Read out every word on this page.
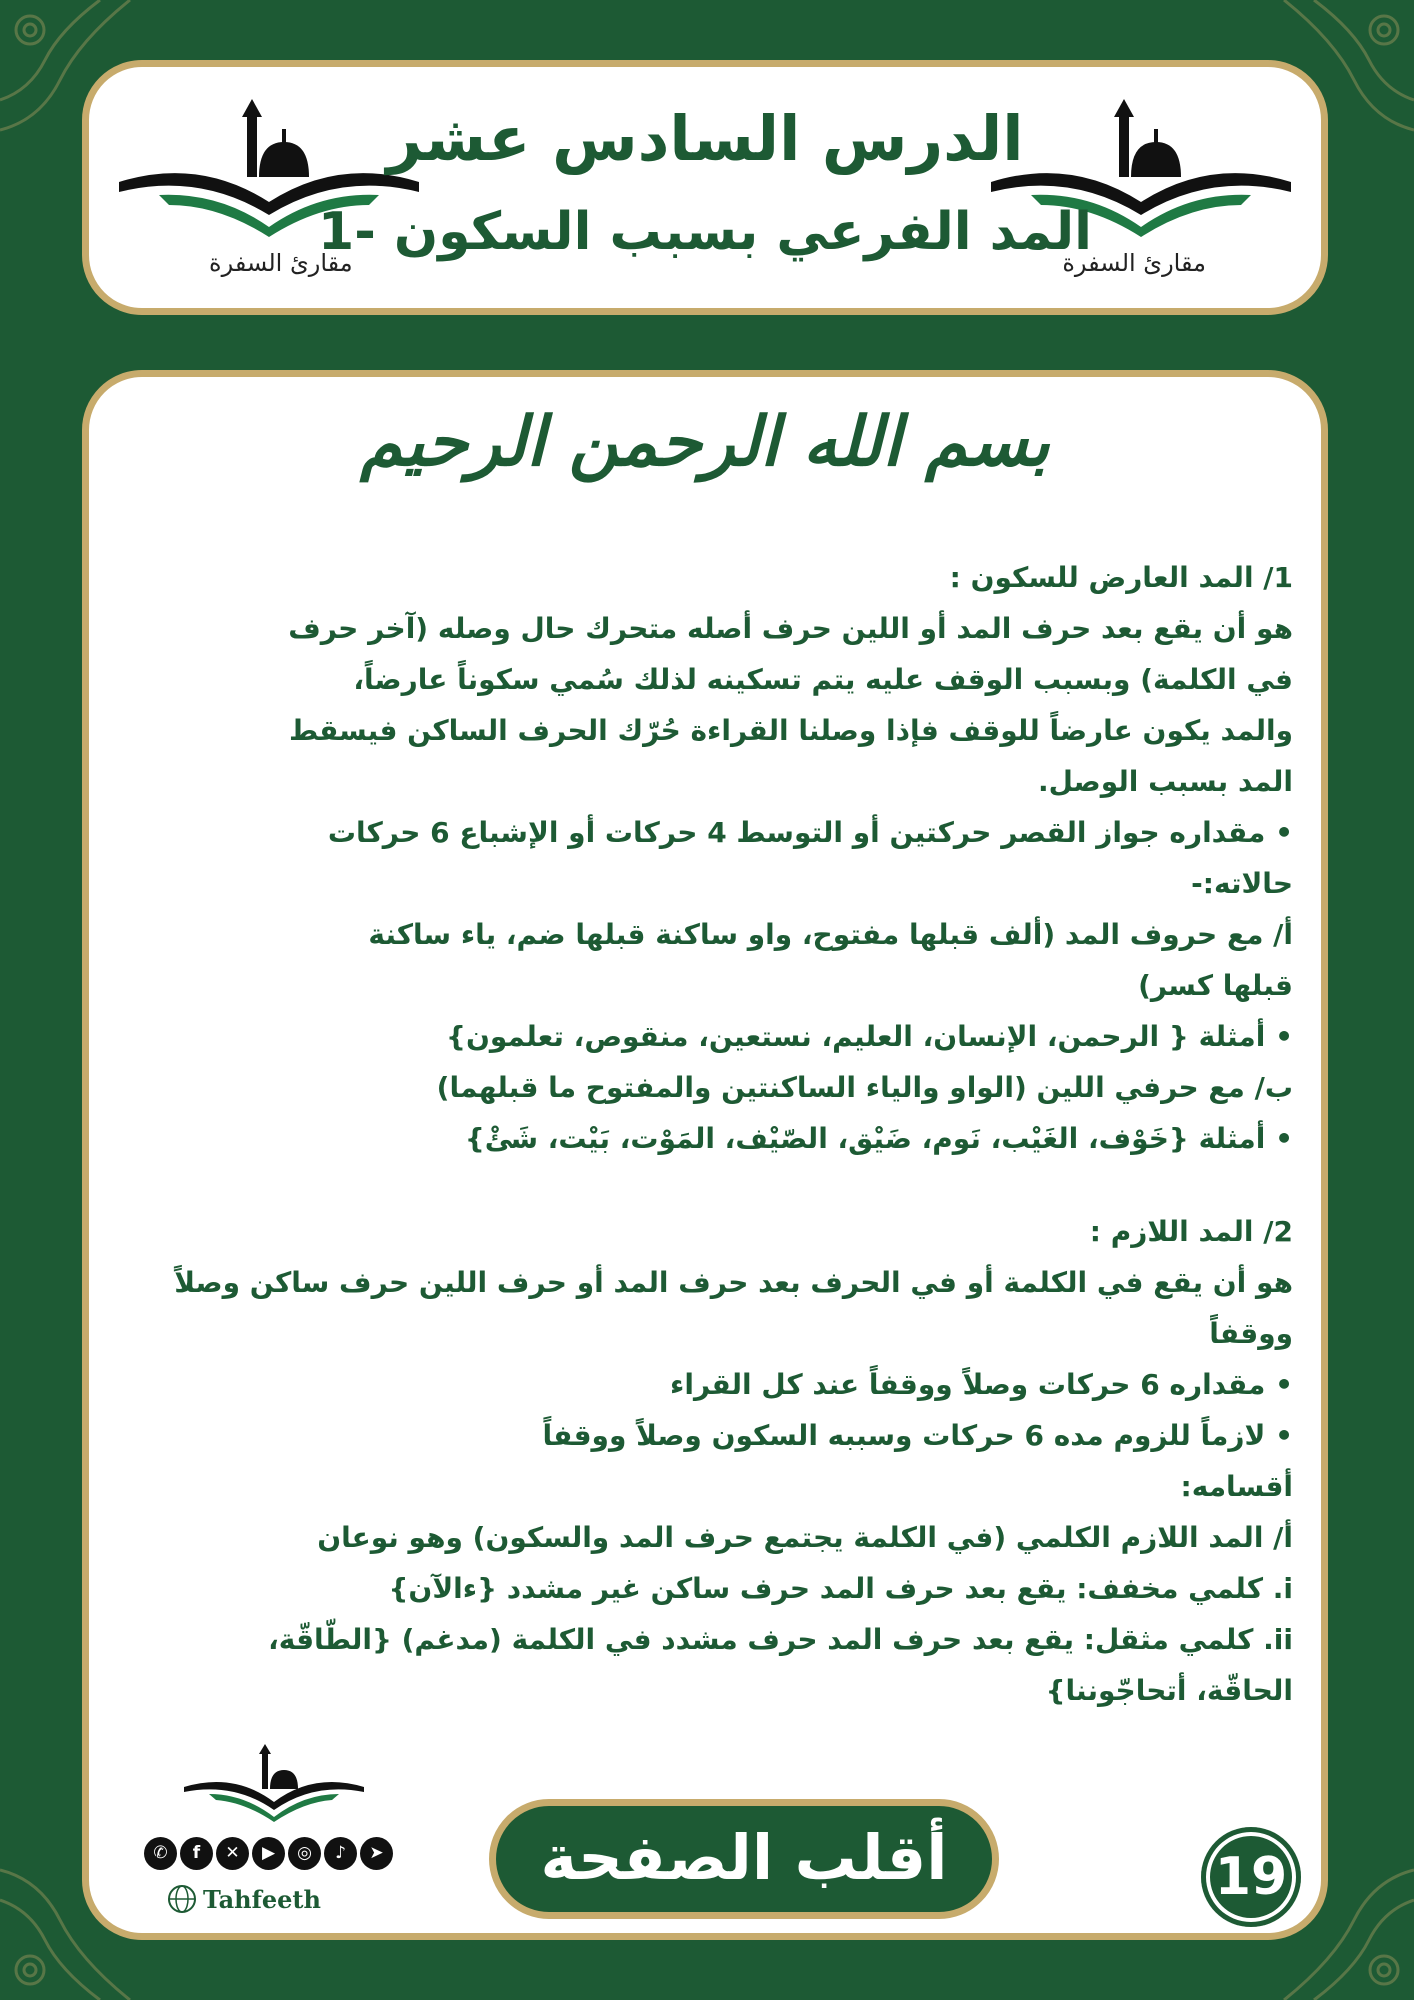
مقارئ السفرة	مقارئ السفرة
الدرس السادس عشر
المد الفرعي بسبب السكون -1
بسم الله الرحمن الرحيم

1/ المد العارض للسكون :

هو أن يقع بعد حرف المد أو اللين حرف أصله متحرك حال وصله (آخر حرف

في الكلمة) وبسبب الوقف عليه يتم تسكينه لذلك سُمي سكوناً عارضاً،

والمد يكون عارضاً للوقف فإذا وصلنا القراءة حُرّك الحرف الساكن فيسقط

المد بسبب الوصل.

• مقداره جواز القصر حركتين أو التوسط 4 حركات أو الإشباع 6 حركات

حالاته:-

أ/ مع حروف المد (ألف قبلها مفتوح، واو ساكنة قبلها ضم، ياء ساكنة

قبلها كسر)

• أمثلة { الرحمن، الإنسان، العليم، نستعين، منقوص، تعلمون}

ب/ مع حرفي اللين (الواو والياء الساكنتين والمفتوح ما قبلهما)

• أمثلة {خَوْف، الغَيْب، نَوم، ضَيْق، الصّيْف، المَوْت، بَيْت، شَئْ}

2/ المد اللازم :

هو أن يقع في الكلمة أو في الحرف بعد حرف المد أو حرف اللين حرف ساكن وصلاً

ووقفاً

• مقداره 6 حركات وصلاً ووقفاً عند كل القراء

• لازماً للزوم مده 6 حركات وسببه السكون وصلاً ووقفاً

أقسامه:

أ/ المد اللازم الكلمي (في الكلمة يجتمع حرف المد والسكون) وهو نوعان

i. كلمي مخفف: يقع بعد حرف المد حرف ساكن غير مشدد {ءالآن}

ii. كلمي مثقل: يقع بعد حرف المد حرف مشدد في الكلمة (مدغم) {الطّاقّة،

الحاقّة، أتحاجّوننا}

✆	f	✕	▶	◎	♪	➤
Tahfeeth
أقلب الصفحة	19
